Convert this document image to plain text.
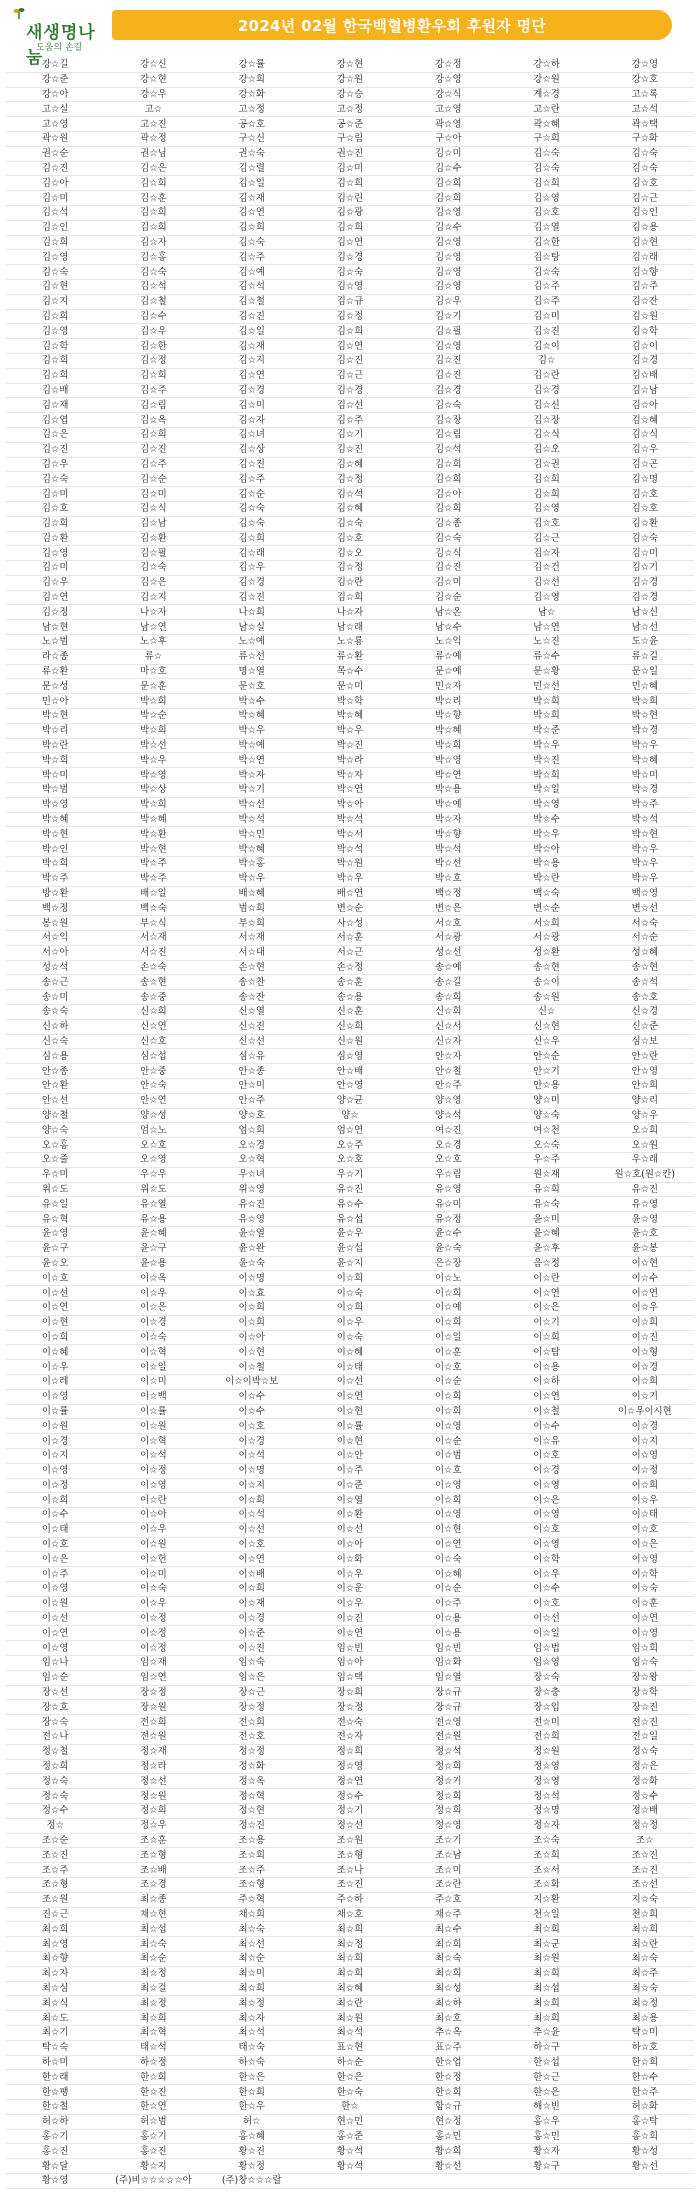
새생명나눔
도움의 손길
2024년 02월 한국백혈병환우회 후원자 명단
강☆길	강☆신	강☆률	강☆현	강☆정	강☆하	강☆영
강☆준	강☆현	강☆희	강☆원	강☆영	강☆원	강☆호
강☆아	강☆우	강☆화	강☆승	강☆식	계☆경	고☆록
고☆실	고☆	고☆정	고☆정	고☆영	고☆란	고☆석
고☆영	고☆진	공☆호	공☆준	곽☆영	곽☆혜	곽☆택
곽☆원	곽☆정	구☆신	구☆림	구☆아	구☆희	구☆화
권☆순	권☆님	권☆숙	권☆진	김☆미	김☆숙	김☆숙
김☆진	김☆은	김☆렬	김☆미	김☆수	김☆숙	김☆숙
김☆아	김☆희	김☆일	김☆희	김☆희	김☆희	김☆호
김☆미	김☆훈	김☆재	김☆린	김☆희	김☆영	김☆근
김☆석	김☆희	김☆연	김☆광	김☆영	김☆호	김☆인
김☆인	김☆희	김☆희	김☆희	김☆수	김☆열	김☆용
김☆희	김☆자	김☆숙	김☆연	김☆영	김☆한	김☆현
김☆영	김☆홍	김☆주	김☆경	김☆영	김☆탕	김☆래
김☆숙	김☆숙	김☆예	김☆숙	김☆영	김☆숙	김☆향
김☆현	김☆석	김☆석	김☆영	김☆영	김☆주	김☆주
김☆지	김☆철	김☆철	김☆규	김☆우	김☆주	김☆잔
김☆희	김☆수	김☆진	김☆정	김☆기	김☆미	김☆원
김☆영	김☆우	김☆일	김☆희	김☆필	김☆진	김☆학
김☆학	김☆한	김☆재	김☆연	김☆영	김☆이	김☆이
김☆희	김☆정	김☆지	김☆진	김☆진	김☆	김☆경
김☆희	김☆희	김☆연	김☆근	김☆진	김☆란	김☆배
김☆배	김☆주	김☆경	김☆경	김☆경	김☆경	김☆남
김☆재	김☆림	김☆미	김☆선	김☆숙	김☆신	김☆아
김☆엽	김☆옥	김☆자	김☆주	김☆장	김☆장	김☆혜
김☆은	김☆희	김☆녀	김☆기	김☆림	김☆식	김☆식
김☆진	김☆진	김☆상	김☆진	김☆석	김☆오	김☆우
김☆우	김☆주	김☆진	김☆혜	김☆희	김☆권	김☆곤
김☆숙	김☆순	김☆주	김☆정	김☆희	김☆희	김☆명
김☆미	김☆미	김☆순	김☆석	김☆아	김☆희	김☆호
김☆호	김☆식	김☆숙	김☆혜	김☆희	김☆영	김☆호
김☆희	김☆남	김☆숙	김☆숙	김☆종	김☆호	김☆환
김☆환	김☆환	김☆희	김☆호	김☆숙	김☆근	김☆숙
김☆영	김☆필	김☆래	김☆오	김☆식	김☆자	김☆미
김☆미	김☆숙	김☆우	김☆정	김☆진	김☆건	김☆기
김☆우	김☆은	김☆경	김☆란	김☆미	김☆선	김☆경
김☆연	김☆지	김☆진	김☆희	김☆순	김☆영	김☆경
김☆정	나☆자	나☆희	나☆자	남☆온	남☆	남☆신
남☆현	남☆연	남☆실	남☆래	남☆수	남☆연	남☆선
노☆범	노☆후	노☆예	노☆룡	노☆익	노☆진	도☆윤
라☆종	류☆	류☆선	류☆환	류☆예	류☆수	류☆길
류☆환	마☆호	명☆열	목☆수	문☆예	문☆황	문☆일
문☆성	문☆훈	문☆호	문☆미	민☆자	민☆선	민☆혜
민☆아	박☆희	박☆수	박☆학	박☆리	박☆희	박☆희
박☆현	박☆순	박☆혜	박☆혜	박☆향	박☆희	박☆현
박☆리	박☆희	박☆우	박☆우	박☆혜	박☆준	박☆경
박☆란	박☆선	박☆예	박☆진	박☆희	박☆우	박☆우
박☆희	박☆우	박☆연	박☆라	박☆영	박☆진	박☆혜
박☆미	박☆영	박☆자	박☆자	박☆연	박☆희	박☆미
박☆범	박☆상	박☆기	박☆연	박☆용	박☆일	박☆경
박☆영	박☆희	박☆선	박☆아	박☆예	박☆영	박☆주
박☆혜	박☆혜	박☆석	박☆석	박☆자	박☆수	박☆석
박☆현	박☆환	박☆민	박☆서	박☆향	박☆우	박☆현
박☆인	박☆현	박☆혜	박☆석	박☆석	박☆아	박☆우
박☆희	박☆주	박☆홍	박☆원	박☆선	박☆용	박☆우
박☆주	박☆주	박☆우	박☆우	박☆호	박☆란	박☆우
방☆환	배☆일	배☆혜	배☆연	백☆정	백☆숙	백☆영
백☆정	백☆숙	범☆희	변☆순	변☆은	변☆순	변☆선
봉☆원	부☆식	부☆희	사☆성	서☆호	서☆희	서☆숙
서☆익	서☆재	서☆재	서☆훈	서☆광	서☆광	서☆순
서☆아	서☆진	서☆대	서☆근	성☆선	성☆환	성☆혜
성☆석	손☆숙	손☆현	손☆정	송☆예	송☆현	송☆현
송☆근	송☆현	송☆찬	송☆훈	송☆길	송☆이	송☆석
송☆미	송☆중	송☆잔	송☆용	송☆희	송☆원	송☆호
송☆숙	신☆희	신☆열	신☆훈	신☆희	신☆	신☆경
신☆하	신☆연	신☆진	신☆희	신☆서	신☆현	신☆준
신☆숙	신☆호	신☆선	신☆원	신☆자	신☆우	심☆보
심☆용	심☆섭	심☆유	심☆영	안☆자	안☆순	안☆란
안☆종	안☆중	안☆종	안☆배	안☆철	안☆기	안☆영
안☆환	안☆숙	안☆미	안☆영	안☆주	안☆용	안☆희
안☆선	안☆연	안☆주	양☆균	양☆영	양☆미	양☆리
양☆철	양☆성	양☆호	양☆	양☆석	양☆숙	양☆우
양☆숙	엄☆노	엄☆희	엄☆연	여☆진	여☆천	오☆희
오☆홍	오☆호	오☆경	오☆주	오☆경	오☆숙	오☆원
오☆줄	오☆영	오☆혁	오☆호	오☆호	우☆주	우☆래
우☆미	우☆우	우☆녀	우☆기	우☆림	원☆재	원☆호(원☆칸)
위☆도	위☆도	위☆영	유☆진	유☆영	유☆희	유☆진
유☆일	유☆열	유☆진	유☆수	유☆미	유☆숙	유☆영
유☆혁	유☆용	유☆영	유☆섭	유☆정	윤☆미	윤☆영
윤☆영	윤☆혜	윤☆열	윤☆우	윤☆수	윤☆혜	윤☆호
윤☆구	윤☆구	윤☆완	윤☆섭	윤☆숙	윤☆후	윤☆봉
윤☆오	윤☆용	윤☆숙	윤☆지	은☆장	음☆정	이☆현
이☆호	이☆옥	이☆명	이☆희	이☆노	이☆란	이☆수
이☆선	이☆우	이☆효	이☆숙	이☆희	이☆연	이☆연
이☆연	이☆은	이☆희	이☆희	이☆예	이☆은	이☆우
이☆현	이☆경	이☆희	이☆우	이☆희	이☆기	이☆희
이☆희	이☆숙	이☆아	이☆숙	이☆일	이☆희	이☆진
이☆혜	이☆혁	이☆현	이☆혜	이☆훈	이☆탐	이☆형
이☆우	이☆일	이☆철	이☆태	이☆호	이☆용	이☆경
이☆레	이☆미	이☆이박☆보	이☆선	이☆순	이☆하	이☆희
이☆영	이☆백	이☆수	이☆연	이☆희	이☆연	이☆기
이☆률	이☆률	이☆수	이☆현	이☆희	이☆철	이☆우이시현
이☆원	이☆원	이☆호	이☆률	이☆영	이☆수	이☆경
이☆경	이☆혁	이☆경	이☆현	이☆순	이☆유	이☆지
이☆지	이☆석	이☆석	이☆안	이☆범	이☆호	이☆영
이☆영	이☆정	이☆명	이☆주	이☆호	이☆경	이☆정
이☆정	이☆영	이☆지	이☆준	이☆영	이☆영	이☆희
이☆희	이☆란	이☆희	이☆열	이☆희	이☆은	이☆우
이☆수	이☆아	이☆석	이☆환	이☆영	이☆영	이☆태
이☆태	이☆우	이☆선	이☆선	이☆현	이☆호	이☆호
이☆호	이☆원	이☆호	이☆아	이☆연	이☆영	이☆은
이☆은	이☆헌	이☆연	이☆화	이☆숙	이☆학	이☆영
이☆주	이☆미	이☆배	이☆우	이☆혜	이☆우	이☆학
이☆영	이☆숙	이☆희	이☆운	이☆순	이☆수	이☆숙
이☆원	이☆우	이☆재	이☆우	이☆주	이☆호	이☆훈
이☆선	이☆정	이☆경	이☆진	이☆용	이☆선	이☆연
이☆연	이☆정	이☆준	이☆연	이☆용	이☆일	이☆영
이☆영	이☆정	이☆진	임☆빈	임☆빈	임☆법	임☆희
임☆나	임☆재	임☆숙	임☆아	임☆화	임☆영	임☆숙
임☆순	임☆연	임☆은	임☆택	임☆열	장☆숙	장☆왕
장☆선	장☆정	장☆근	장☆희	장☆규	장☆충	장☆학
장☆호	장☆원	장☆정	장☆정	장☆규	장☆입	장☆진
장☆숙	전☆희	전☆희	전☆숙	전☆영	전☆미	전☆진
전☆나	전☆원	전☆호	전☆자	전☆원	전☆희	전☆일
정☆철	정☆재	정☆정	정☆희	정☆석	정☆원	정☆숙
정☆희	정☆라	정☆화	정☆영	정☆희	정☆영	정☆은
정☆숙	정☆선	정☆옥	정☆연	정☆기	정☆영	정☆화
정☆숙	정☆원	정☆혁	정☆수	정☆희	정☆석	정☆수
정☆수	정☆희	정☆현	정☆기	정☆희	정☆명	정☆배
정☆	정☆우	정☆진	정☆선	정☆영	정☆자	정☆정
조☆순	조☆훈	조☆용	조☆원	조☆기	조☆숙	조☆
조☆진	조☆형	조☆희	조☆형	조☆남	조☆희	조☆진
조☆주	조☆배	조☆주	조☆나	조☆미	조☆서	조☆진
조☆형	조☆경	조☆형	조☆진	조☆란	조☆화	조☆선
조☆원	최☆종	주☆혁	주☆하	주☆호	지☆환	지☆숙
진☆근	채☆현	채☆희	채☆호	채☆주	천☆일	천☆희
최☆희	최☆섭	최☆숙	최☆희	최☆수	최☆희	최☆희
최☆영	최☆숙	최☆선	최☆정	최☆희	최☆군	최☆란
최☆향	최☆순	최☆순	최☆희	최☆숙	최☆원	최☆숙
최☆자	최☆정	최☆미	최☆희	최☆희	최☆희	최☆주
최☆심	최☆걸	최☆희	최☆혜	최☆성	최☆섭	최☆숙
최☆식	최☆정	최☆정	최☆란	최☆하	최☆희	최☆정
최☆도	최☆희	최☆자	최☆원	최☆호	최☆희	최☆용
최☆기	최☆혁	최☆석	최☆석	추☆옥	추☆윤	탁☆미
탁☆숙	태☆석	태☆숙	표☆현	표☆주	하☆구	하☆호
하☆미	하☆정	하☆숙	하☆순	한☆업	한☆섭	한☆희
한☆래	한☆희	한☆은	한☆은	한☆정	한☆근	한☆수
한☆팽	한☆진	한☆희	한☆숙	한☆희	한☆은	한☆주
한☆철	한☆연	한☆우	한☆	함☆규	해☆빈	허☆화
허☆하	허☆범	허☆	현☆민	현☆정	홍☆우	홍☆탁
홍☆기	홍☆기	홍☆혜	홍☆준	홍☆민	홍☆민	홍☆희
홍☆진	홍☆진	황☆진	황☆석	황☆희	황☆자	황☆성
황☆달	황☆지	황☆정	황☆석	황☆선	황☆구	황☆선
황☆영	(주)비☆☆☆☆☆아	(주)창☆☆☆랄				
